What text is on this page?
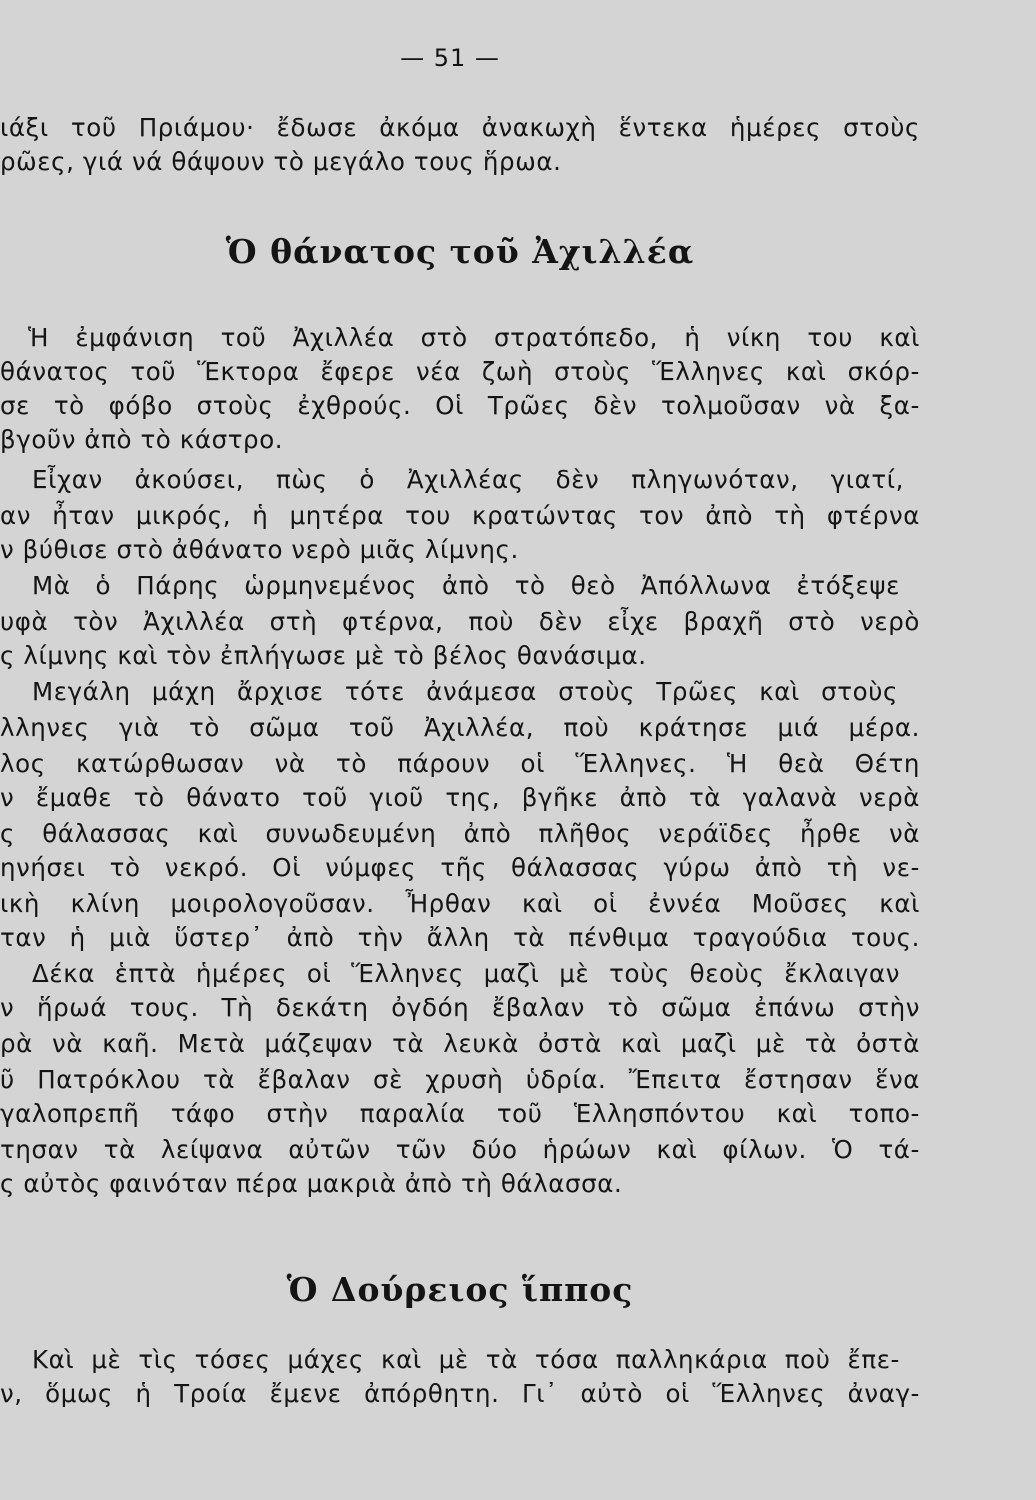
— 51 —
ιάξι τοῦ Πριάμου· ἔδωσε ἀκόμα ἀνακωχὴ ἕντεκα ἡμέρες στοὺς
ρῶες, γιά νά θάψουν τὸ μεγάλο τους ἥρωα.
Ὁ θάνατος τοῦ Ἀχιλλέα
Ἡ ἐμφάνιση τοῦ Ἀχιλλέα στὸ στρατόπεδο, ἡ νίκη του καὶ
θάνατος τοῦ Ἕκτορα ἔφερε νέα ζωὴ στοὺς Ἕλληνες καὶ σκόρ-
σε τὸ φόβο στοὺς ἐχθρούς. Οἱ Τρῶες δὲν τολμοῦσαν νὰ ξα-
βγοῦν ἀπὸ τὸ κάστρο.
Εἶχαν ἀκούσει, πὼς ὁ Ἀχιλλέας δὲν πληγωνόταν, γιατί,
αν ἦταν μικρός, ἡ μητέρα του κρατώντας τον ἀπὸ τὴ φτέρνα
ν βύθισε στὸ ἀθάνατο νερὸ μιᾶς λίμνης.
Μὰ ὁ Πάρης ὡρμηνεμένος ἀπὸ τὸ θεὸ Ἀπόλλωνα ἐτόξεψε
υφὰ τὸν Ἀχιλλέα στὴ φτέρνα, ποὺ δὲν εἶχε βραχῆ στὸ νερὸ
ς λίμνης καὶ τὸν ἐπλήγωσε μὲ τὸ βέλος θανάσιμα.
Μεγάλη μάχη ἄρχισε τότε ἀνάμεσα στοὺς Τρῶες καὶ στοὺς
λληνες γιὰ τὸ σῶμα τοῦ Ἀχιλλέα, ποὺ κράτησε μιά μέρα.
λος κατώρθωσαν νὰ τὸ πάρουν οἱ Ἕλληνες. Ἡ θεὰ Θέτη
ν ἔμαθε τὸ θάνατο τοῦ γιοῦ της, βγῆκε ἀπὸ τὰ γαλανὰ νερὰ
ς θάλασσας καὶ συνωδευμένη ἀπὸ πλῆθος νεράϊδες ἦρθε νὰ
ηνήσει τὸ νεκρό. Οἱ νύμφες τῆς θάλασσας γύρω ἀπὸ τὴ νε-
ικὴ κλίνη μοιρολογοῦσαν. Ἦρθαν καὶ οἱ ἐννέα Μοῦσες καὶ
ταν ἡ μιὰ ὕστερ᾽ ἀπὸ τὴν ἄλλη τὰ πένθιμα τραγούδια τους.
Δέκα ἑπτὰ ἡμέρες οἱ Ἕλληνες μαζὶ μὲ τοὺς θεοὺς ἔκλαιγαν
ν ἥρωά τους. Τὴ δεκάτη ὀγδόη ἔβαλαν τὸ σῶμα ἐπάνω στὴν
ρὰ νὰ καῆ. Μετὰ μάζεψαν τὰ λευκὰ ὀστὰ καὶ μαζὶ μὲ τὰ ὀστὰ
ῦ Πατρόκλου τὰ ἔβαλαν σὲ χρυσὴ ὑδρία. Ἔπειτα ἔστησαν ἕνα
γαλοπρεπῆ τάφο στὴν παραλία τοῦ Ἑλλησπόντου καὶ τοπο-
τησαν τὰ λείψανα αὐτῶν τῶν δύο ἡρώων καὶ φίλων. Ὁ τά-
ς αὐτὸς φαινόταν πέρα μακριὰ ἀπὸ τὴ θάλασσα.
Ὁ Δούρειος ἵππος
Καὶ μὲ τὶς τόσες μάχες καὶ μὲ τὰ τόσα παλληκάρια ποὺ ἔπε-
ν, ὅμως ἡ Τροία ἔμενε ἀπόρθητη. Γι᾽ αὐτὸ οἱ Ἕλληνες ἀναγ-
